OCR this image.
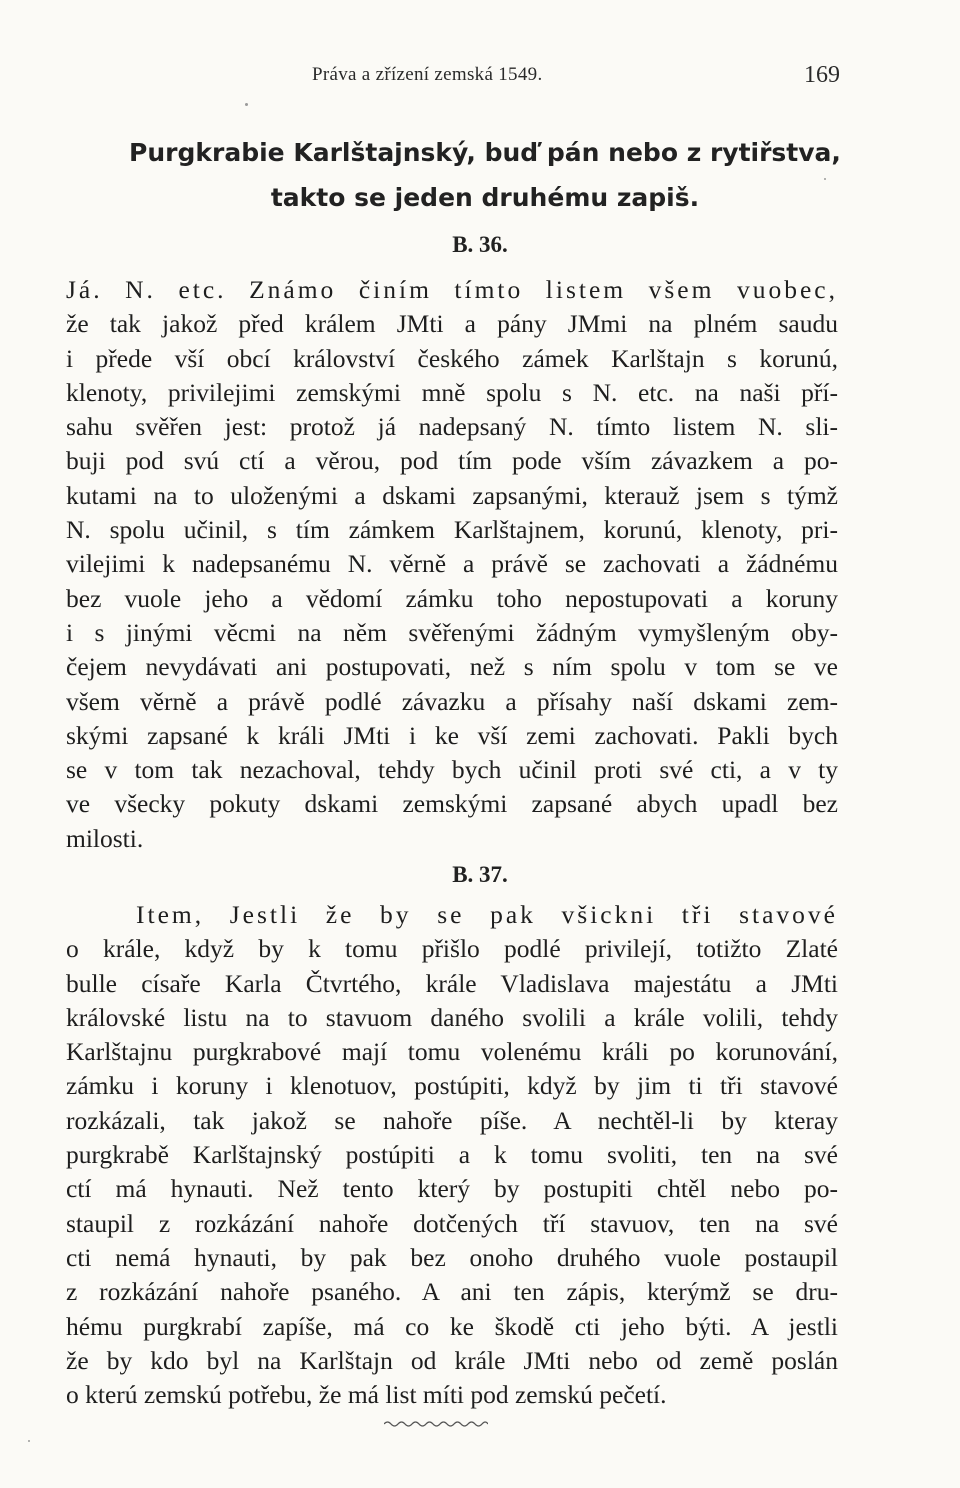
Práva a zřízení zemská 1549.	169
Purgkrabie Karlštajnský, buď pán nebo z rytiřstva,
takto se jeden druhému zapiš.
B. 36.
Já. N. etc. Známo činím tímto listem všem vuobec,
že tak jakož před králem JMti a pány JMmi na plném saudu
i přede vší obcí království českého zámek Karlštajn s korunú,
klenoty, privilejimi zemskými mně spolu s N. etc. na naši pří-
sahu svěřen jest: protož já nadepsaný N. tímto listem N. sli-
buji pod svú ctí a věrou, pod tím pode vším závazkem a po-
kutami na to uloženými a dskami zapsanými, kterauž jsem s týmž
N. spolu učinil, s tím zámkem Karlštajnem, korunú, klenoty, pri-
vilejimi k nadepsanému N. věrně a právě se zachovati a žádnému
bez vuole jeho a vědomí zámku toho nepostupovati a koruny
i s jinými věcmi na něm svěřenými žádným vymyšleným oby-
čejem nevydávati ani postupovati, než s ním spolu v tom se ve
všem věrně a právě podlé závazku a přísahy naší dskami zem-
skými zapsané k králi JMti i ke vší zemi zachovati. Pakli bych
se v tom tak nezachoval, tehdy bych učinil proti své cti, a v ty
ve všecky pokuty dskami zemskými zapsané abych upadl bez
milosti.
B. 37.
Item, Jestli že by se pak všickni tři stavové
o krále, když by k tomu přišlo podlé privilejí, totižto Zlaté
bulle císaře Karla Čtvrtého, krále Vladislava majestátu a JMti
královské listu na to stavuom daného svolili a krále volili, tehdy
Karlštajnu purgkrabové mají tomu volenému králi po korunování,
zámku i koruny i klenotuov, postúpiti, když by jim ti tři stavové
rozkázali, tak jakož se nahoře píše. A nechtěl-li by kteray
purgkrabě Karlštajnský postúpiti a k tomu svoliti, ten na své
ctí má hynauti. Než tento který by postupiti chtěl nebo po-
staupil z rozkázání nahoře dotčených tří stavuov, ten na své
cti nemá hynauti, by pak bez onoho druhého vuole postaupil
z rozkázání nahoře psaného. A ani ten zápis, kterýmž se dru-
hému purgkrabí zapíše, má co ke škodě cti jeho býti. A jestli
že by kdo byl na Karlštajn od krále JMti nebo od země poslán
o kterú zemskú potřebu, že má list míti pod zemskú pečetí.
